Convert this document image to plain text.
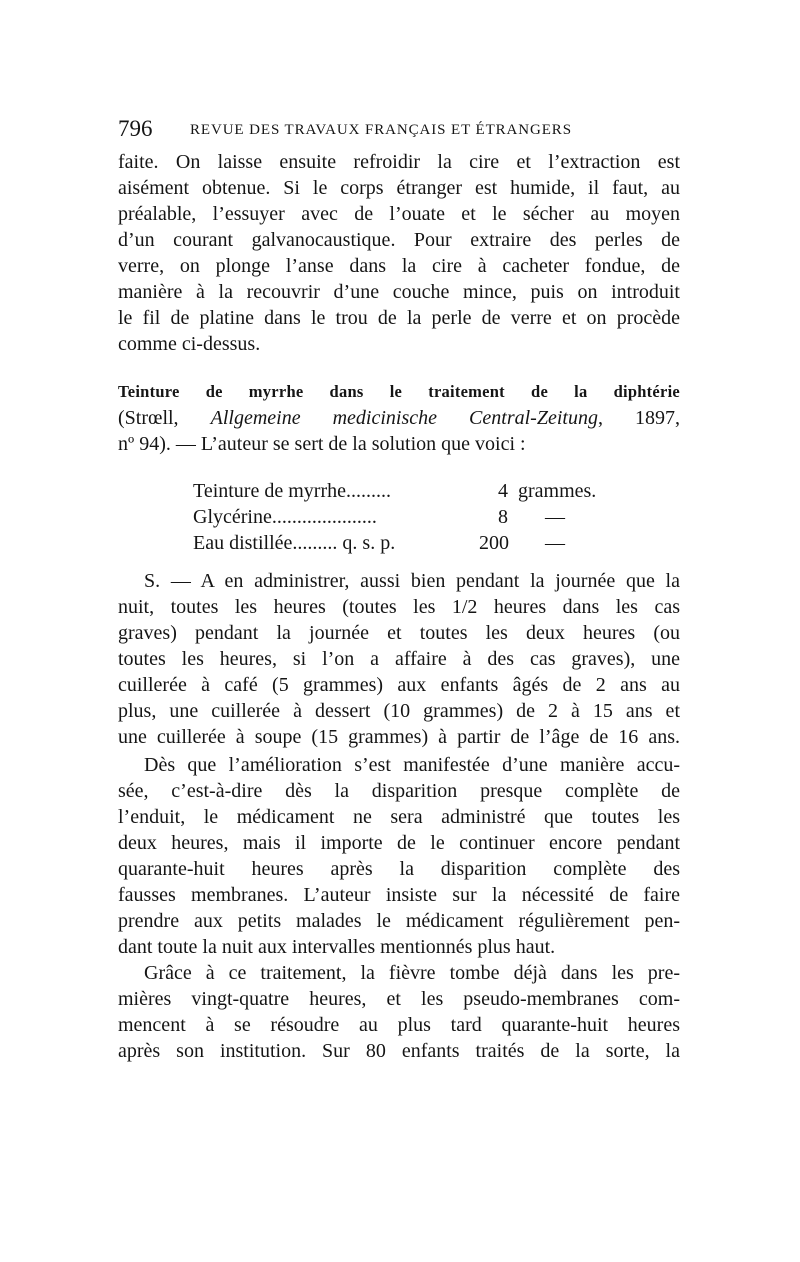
796	REVUE DES TRAVAUX FRANÇAIS ET ÉTRANGERS
faite. On laisse ensuite refroidir la cire et l’extraction est
aisément obtenue. Si le corps étranger est humide, il faut, au
préalable, l’essuyer avec de l’ouate et le sécher au moyen
d’un courant galvanocaustique. Pour extraire des perles de
verre, on plonge l’anse dans la cire à cacheter fondue, de
manière à la recouvrir d’une couche mince, puis on introduit
le fil de platine dans le trou de la perle de verre et on procède
comme ci-dessus.
Teinture de myrrhe dans le traitement de la diphtérie
(Strœll, Allgemeine medicinische Central-Zeitung, 1897,
nº 94). — L’auteur se sert de la solution que voici :
Teinture de myrrhe.........	4 grammes.
Glycérine.....................	8 —
Eau distillée......... q. s. p.	200 —
S. — A en administrer, aussi bien pendant la journée que la
nuit, toutes les heures (toutes les 1/2 heures dans les cas
graves) pendant la journée et toutes les deux heures (ou
toutes les heures, si l’on a affaire à des cas graves), une
cuillerée à café (5 grammes) aux enfants âgés de 2 ans au
plus, une cuillerée à dessert (10 grammes) de 2 à 15 ans et
une cuillerée à soupe (15 grammes) à partir de l’âge de 16 ans.
Dès que l’amélioration s’est manifestée d’une manière accu-
sée, c’est-à-dire dès la disparition presque complète de
l’enduit, le médicament ne sera administré que toutes les
deux heures, mais il importe de le continuer encore pendant
quarante-huit heures après la disparition complète des
fausses membranes. L’auteur insiste sur la nécessité de faire
prendre aux petits malades le médicament régulièrement pen-
dant toute la nuit aux intervalles mentionnés plus haut.
Grâce à ce traitement, la fièvre tombe déjà dans les pre-
mières vingt-quatre heures, et les pseudo-membranes com-
mencent à se résoudre au plus tard quarante-huit heures
après son institution. Sur 80 enfants traités de la sorte, la
